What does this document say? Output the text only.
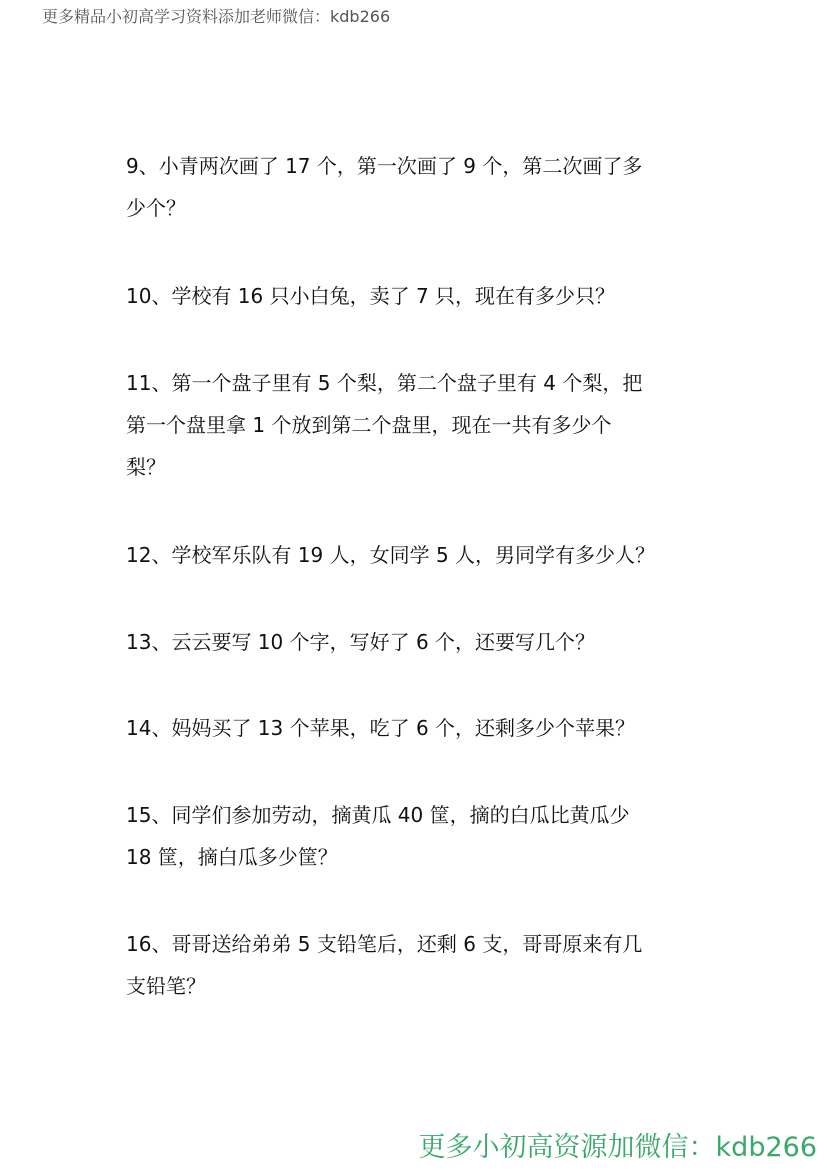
更多精品小初高学习资料添加老师微信：kdb266
9、小青两次画了 17 个，第一次画了 9 个，第二次画了多
少个？
10、学校有 16 只小白兔，卖了 7 只，现在有多少只？
11、第一个盘子里有 5 个梨，第二个盘子里有 4 个梨，把
第一个盘里拿 1 个放到第二个盘里，现在一共有多少个
梨？
12、学校军乐队有 19 人，女同学 5 人，男同学有多少人？
13、云云要写 10 个字，写好了 6 个，还要写几个？
14、妈妈买了 13 个苹果，吃了 6 个，还剩多少个苹果？
15、同学们参加劳动，摘黄瓜 40 筐，摘的白瓜比黄瓜少
18 筐，摘白瓜多少筐？
16、哥哥送给弟弟 5 支铅笔后，还剩 6 支，哥哥原来有几
支铅笔？
更多小初高资源加微信：kdb266
